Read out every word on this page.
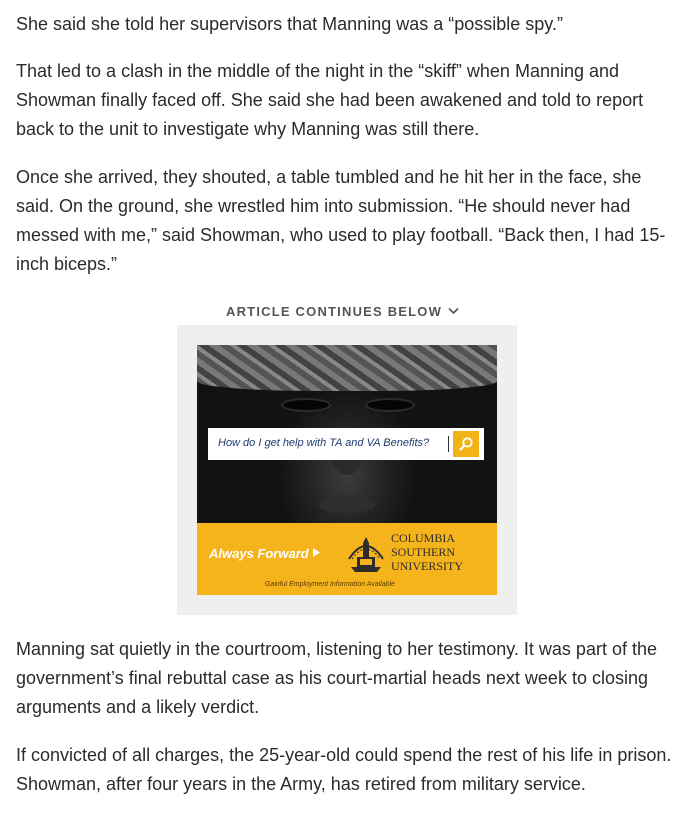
She said she told her supervisors that Manning was a “possible spy.”

That led to a clash in the middle of the night in the “skiff” when Manning and Showman finally faced off. She said she had been awakened and told to report back to the unit to investigate why Manning was still there.

Once she arrived, they shouted, a table tumbled and he hit her in the face, she said. On the ground, she wrestled him into submission. “He should never had messed with me,” said Showman, who used to play football. “Back then, I had 15-inch biceps.”

Manning sat quietly in the courtroom, listening to her testimony. It was part of the government’s final rebuttal case as his court-martial heads next week to closing arguments and a likely verdict.

If convicted of all charges, the 25-year-old could spend the rest of his life in prison. Showman, after four years in the Army, has retired from military service.

ARTICLE CONTINUES BELOW
How do I get help with TA and VA Benefits?
Always Forward
COLUMBIA
SOUTHERN
UNIVERSITY
Gainful Employment Information Available
